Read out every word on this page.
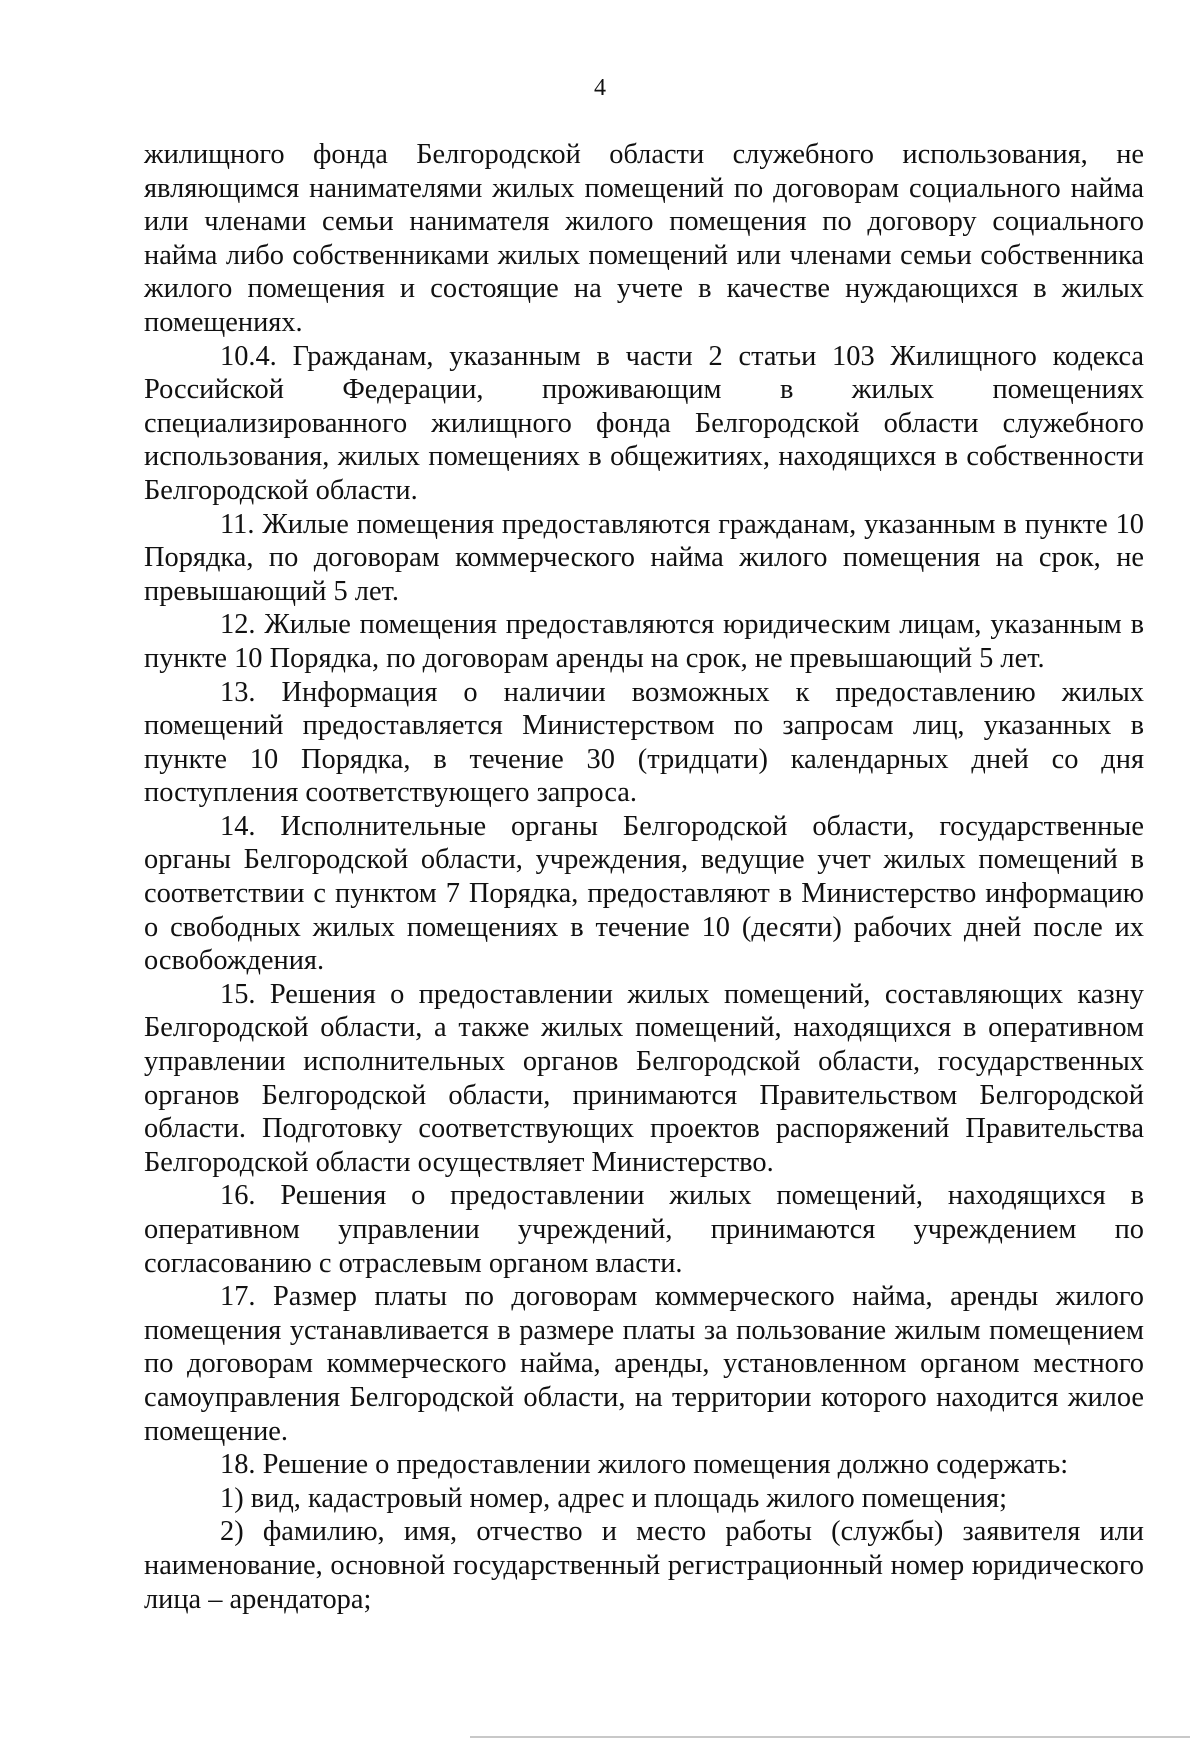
4

жилищного фонда Белгородской области служебного использования, не являющимся нанимателями жилых помещений по договорам социального найма или членами семьи нанимателя жилого помещения по договору социального найма либо собственниками жилых помещений или членами семьи собственника жилого помещения и состоящие на учете в качестве нуждающихся в жилых помещениях.

10.4. Гражданам, указанным в части 2 статьи 103 Жилищного кодекса Российской Федерации, проживающим в жилых помещениях специализированного жилищного фонда Белгородской области служебного использования, жилых помещениях в общежитиях, находящихся в собственности Белгородской области.

11. Жилые помещения предоставляются гражданам, указанным в пункте 10 Порядка, по договорам коммерческого найма жилого помещения на срок, не превышающий 5 лет.

12. Жилые помещения предоставляются юридическим лицам, указанным в пункте 10 Порядка, по договорам аренды на срок, не превышающий 5 лет.

13. Информация о наличии возможных к предоставлению жилых помещений предоставляется Министерством по запросам лиц, указанных в пункте 10 Порядка, в течение 30 (тридцати) календарных дней со дня поступления соответствующего запроса.

14. Исполнительные органы Белгородской области, государственные органы Белгородской области, учреждения, ведущие учет жилых помещений в соответствии с пунктом 7 Порядка, предоставляют в Министерство информацию о свободных жилых помещениях в течение 10 (десяти) рабочих дней после их освобождения.

15. Решения о предоставлении жилых помещений, составляющих казну Белгородской области, а также жилых помещений, находящихся в оперативном управлении исполнительных органов Белгородской области, государственных органов Белгородской области, принимаются Правительством Белгородской области. Подготовку соответствующих проектов распоряжений Правительства Белгородской области осуществляет Министерство.

16. Решения о предоставлении жилых помещений, находящихся в оперативном управлении учреждений, принимаются учреждением по согласованию с отраслевым органом власти.

17. Размер платы по договорам коммерческого найма, аренды жилого помещения устанавливается в размере платы за пользование жилым помещением по договорам коммерческого найма, аренды, установленном органом местного самоуправления Белгородской области, на территории которого находится жилое помещение.

18. Решение о предоставлении жилого помещения должно содержать:

1) вид, кадастровый номер, адрес и площадь жилого помещения;

2) фамилию, имя, отчество и место работы (службы) заявителя или наименование, основной государственный регистрационный номер юридического лица – арендатора;
